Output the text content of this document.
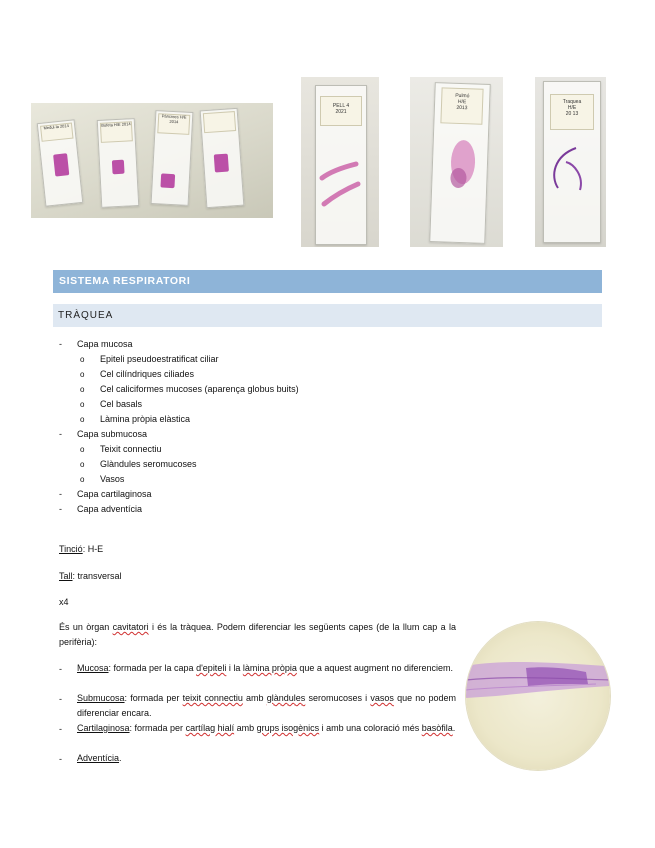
Medul·la 2014	Bufeta H/E 2014
Pàncrees H/E 2014
PELL 4
2021
Pulmó
H/E
2013
Traquea
H/E
20 13
SISTEMA RESPIRATORI
TRÀQUEA
- Capa mucosa
o Epiteli pseudoestratificat ciliar
o Cel cilíndriques ciliades
o Cel caliciformes mucoses (aparença globus buits)
o Cel basals
o Làmina pròpia elàstica
- Capa submucosa
o Teixit connectiu
o Glàndules seromucoses
o Vasos
- Capa cartilaginosa
- Capa adventícia
Tinció: H-E
Tall: transversal
x4
És un òrgan cavitatori i és la tràquea. Podem diferenciar les següents capes (de la llum cap a la perifèria):
- Mucosa: formada per la capa d'epiteli i la làmina pròpia que a aquest augment no diferenciem.
- Submucosa: formada per teixit connectiu amb glàndules seromucoses i vasos que no podem diferenciar encara.
- Cartilaginosa: formada per cartílag hialí amb grups isogènics i amb una coloració més basòfila.
- Adventícia.
